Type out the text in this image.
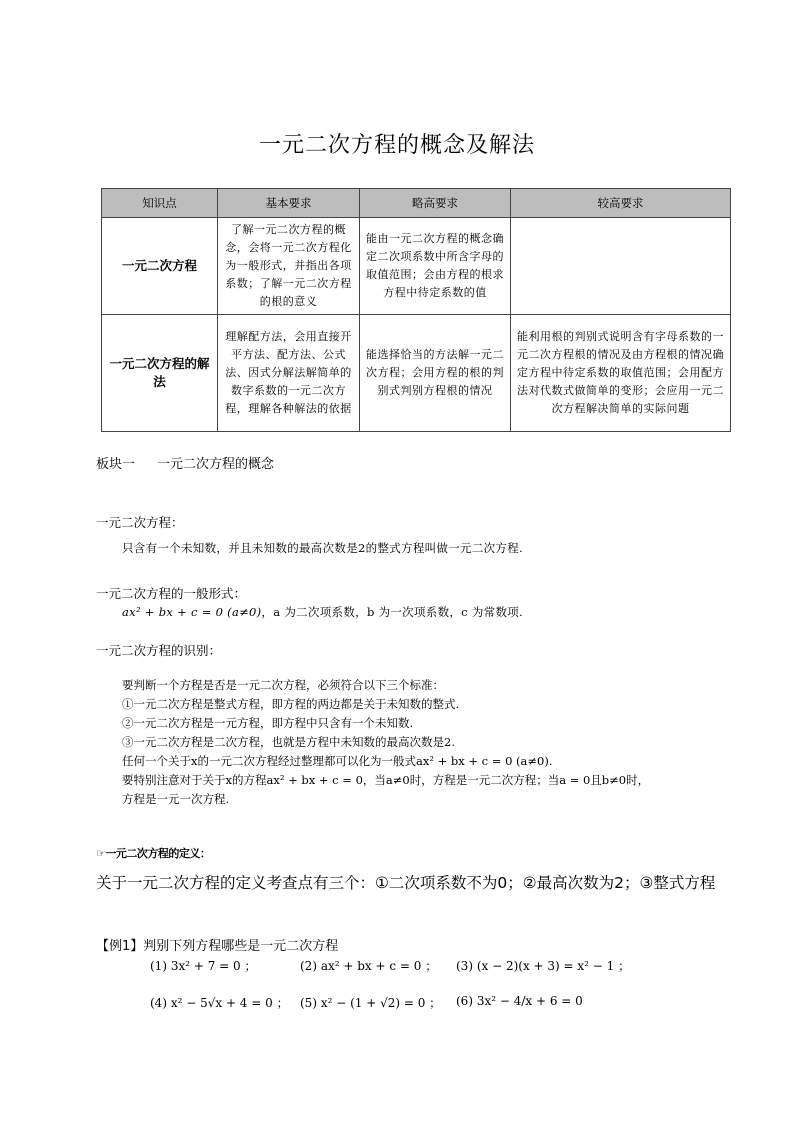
一元二次方程的概念及解法
知识点	基本要求	略高要求	较高要求
一元二次方程	了解一元二次方程的概念，会将一元二次方程化为一般形式，并指出各项系数；了解一元二次方程的根的意义	能由一元二次方程的概念确定二次项系数中所含字母的取值范围；会由方程的根求方程中待定系数的值	
一元二次方程的解法	理解配方法，会用直接开平方法、配方法、公式法、因式分解法解简单的数字系数的一元二次方程，理解各种解法的依据	能选择恰当的方法解一元二次方程；会用方程的根的判别式判别方程根的情况	能利用根的判别式说明含有字母系数的一元二次方程根的情况及由方程根的情况确定方程中待定系数的取值范围；会用配方法对代数式做简单的变形；会应用一元二次方程解决简单的实际问题
板块一 一元二次方程的概念
一元二次方程：
只含有一个未知数，并且未知数的最高次数是2的整式方程叫做一元二次方程.
一元二次方程的一般形式：
ax² + bx + c = 0 (a≠0)，a 为二次项系数，b 为一次项系数，c 为常数项.
一元二次方程的识别：
要判断一个方程是否是一元二次方程，必须符合以下三个标准：
①一元二次方程是整式方程，即方程的两边都是关于未知数的整式.
②一元二次方程是一元方程，即方程中只含有一个未知数.
③一元二次方程是二次方程，也就是方程中未知数的最高次数是2.
任何一个关于x的一元二次方程经过整理都可以化为一般式ax² + bx + c = 0 (a≠0).
要特别注意对于关于x的方程ax² + bx + c = 0，当a≠0时，方程是一元二次方程；当a = 0且b≠0时，
方程是一元一次方程.
☞一元二次方程的定义：
关于一元二次方程的定义考查点有三个：①二次项系数不为0；②最高次数为2；③整式方程
【例1】判别下列方程哪些是一元二次方程
(1) 3x² + 7 = 0 ；	(2) ax² + bx + c = 0 ； (3) (x − 2)(x + 3) = x² − 1 ；
(4) x² − 5√x + 4 = 0 ； (5) x² − (1 + √2) = 0 ； (6) 3x² − 4/x + 6 = 0
